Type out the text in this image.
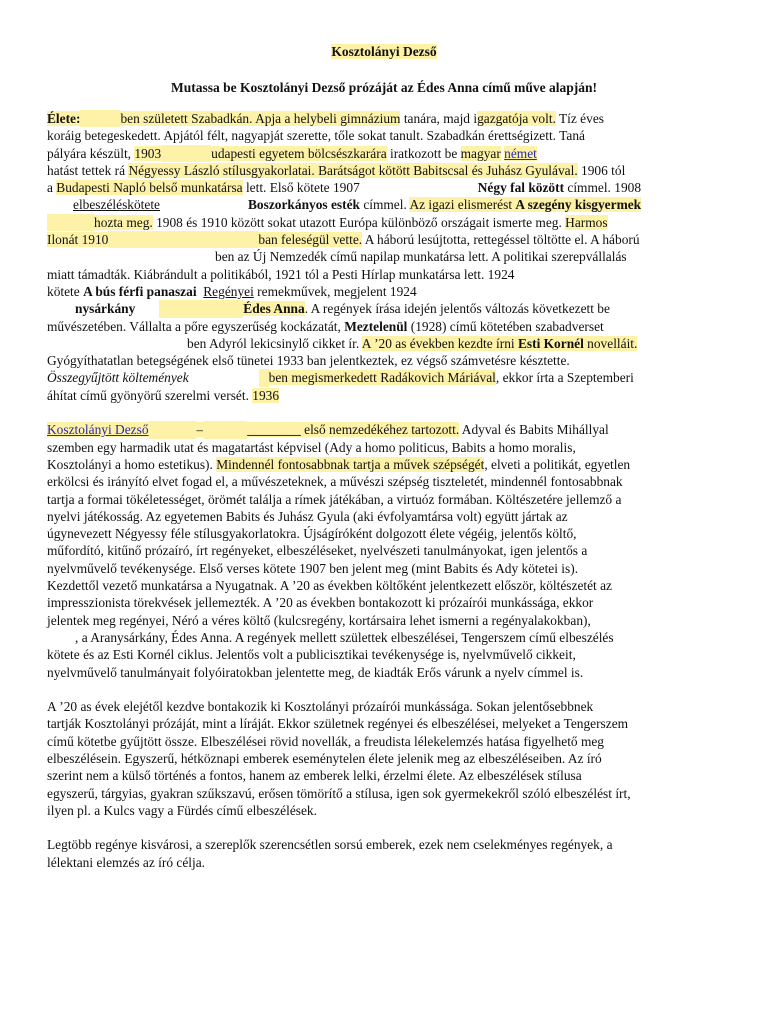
Kosztolányi Dezső
Mutassa be Kosztolányi Dezső prózáját az Édes Anna című műve alapján!
Élete:	ben született Szabadkán. Apja a helybeli gimnázium tanára, majd igazgatója volt. Tíz éves
koráig betegeskedett. Apjától félt, nagyapját szerette, tőle sokat tanult. Szabadkán érettségizett. Taná
pályára készült, 1903	udapesti egyetem bölcsészkarára iratkozott be magyar német
hatást tettek rá Négyessy László stílusgyakorlatai. Barátságot kötött Babitscsal és Juhász Gyulával. 1906 tól
a Budapesti Napló belső munkatársa lett. Első kötete 1907	Négy fal között címmel. 1908
elbeszéléskötete	Boszorkányos esték címmel. Az igazi elismerést A szegény kisgyermek
hozta meg. 1908 és 1910 között sokat utazott Európa különböző országait ismerte meg. Harmos
Ilonát 1910	ban feleségül vette. A háború lesújtotta, rettegéssel töltötte el. A háború
ben az Új Nemzedék című napilap munkatársa lett. A politikai szerepvállalás
miatt támadták. Kiábrándult a politikából, 1921 tól a Pesti Hírlap munkatársa lett. 1924
kötete A bús férfi panaszai Regényei remekművek, megjelent 1924
nysárkány	Édes Anna. A regények írása idején jelentős változás következett be
művészetében. Vállalta a pőre egyszerűség kockázatát, Meztelenül (1928) című kötetében szabadverset
ben Adyról lekicsinylő cikket ír. A ’20 as években kezdte írni Esti Kornél novelláit.
Gyógyíthatatlan betegségének első tünetei 1933 ban jelentkeztek, ez végső számvetésre késztette.
Összegyűjtött költemények	ben megismerkedett Radákovich Máriával, ekkor írta a Szeptemberi
áhítat című gyönyörű szerelmi versét. 1936
Kosztolányi Dezső	–	________ első nemzedékéhez tartozott. Adyval és Babits Mihállyal
szemben egy harmadik utat és magatartást képvisel (Ady a homo politicus, Babits a homo moralis,
Kosztolányi a homo estetikus). Mindennél fontosabbnak tartja a művek szépségét, elveti a politikát, egyetlen
erkölcsi és irányító elvet fogad el, a művészeteknek, a művészi szépség tiszteletét, mindennél fontosabbnak
tartja a formai tökéletességet, örömét találja a rímek játékában, a virtuóz formában. Költészetére jellemző a
nyelvi játékosság. Az egyetemen Babits és Juhász Gyula (aki évfolyamtársa volt) együtt jártak az
úgynevezett Négyessy féle stílusgyakorlatokra. Újságíróként dolgozott élete végéig, jelentős költő,
műfordító, kitűnő prózaíró, írt regényeket, elbeszéléseket, nyelvészeti tanulmányokat, igen jelentős a
nyelvművelő tevékenysége. Első verses kötete 1907 ben jelent meg (mint Babits és Ady kötetei is).
Kezdettől vezető munkatársa a Nyugatnak. A ’20 as években költőként jelentkezett először, költészetét az
impresszionista törekvések jellemezték. A ’20 as években bontakozott ki prózaírói munkássága, ekkor
jelentek meg regényei, Néró a véres költő (kulcsregény, kortársaira lehet ismerni a regényalakokban),
, a Aranysárkány, Édes Anna. A regények mellett születtek elbeszélései, Tengerszem című elbeszélés
kötete és az Esti Kornél ciklus. Jelentős volt a publicisztikai tevékenysége is, nyelvművelő cikkeit,
nyelvművelő tanulmányait folyóiratokban jelentette meg, de kiadták Erős várunk a nyelv címmel is.
A ’20 as évek elejétől kezdve bontakozik ki Kosztolányi prózaírói munkássága. Sokan jelentősebbnek
tartják Kosztolányi prózáját, mint a líráját. Ekkor születnek regényei és elbeszélései, melyeket a Tengerszem
című kötetbe gyűjtött össze. Elbeszélései rövid novellák, a freudista lélekelemzés hatása figyelhető meg
elbeszélésein. Egyszerű, hétköznapi emberek eseménytelen élete jelenik meg az elbeszéléseiben. Az író
szerint nem a külső történés a fontos, hanem az emberek lelki, érzelmi élete. Az elbeszélések stílusa
egyszerű, tárgyias, gyakran szűkszavú, erősen tömörítő a stílusa, igen sok gyermekekről szóló elbeszélést írt,
ilyen pl. a Kulcs vagy a Fürdés című elbeszélések.
Legtöbb regénye kisvárosi, a szereplők szerencsétlen sorsú emberek, ezek nem cselekményes regények, a
lélektani elemzés az író célja.
